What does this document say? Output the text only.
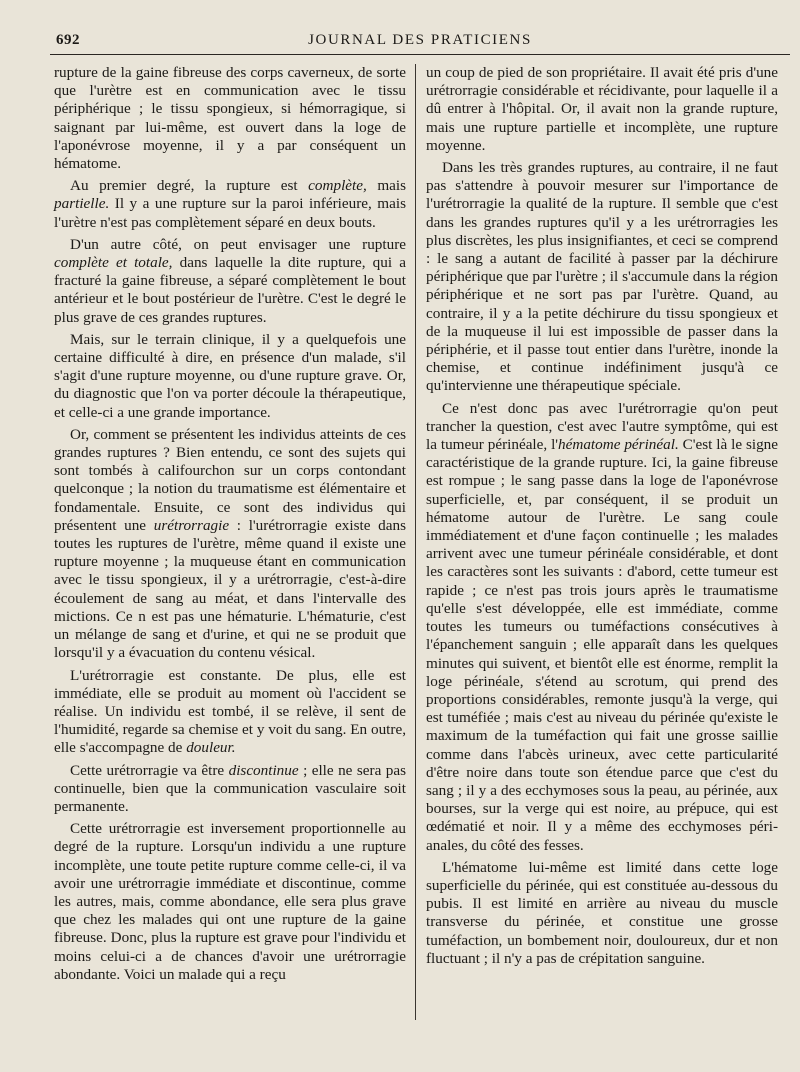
692	JOURNAL DES PRATICIENS

rupture de la gaine fibreuse des corps caverneux, de sorte que l'urètre est en communication avec le tissu périphérique ; le tissu spongieux, si hémorragique, si saignant par lui-même, est ouvert dans la loge de l'aponévrose moyenne, il y a par conséquent un hématome.

Au premier degré, la rupture est complète, mais partielle. Il y a une rupture sur la paroi inférieure, mais l'urètre n'est pas complètement séparé en deux bouts.

D'un autre côté, on peut envisager une rupture complète et totale, dans laquelle la dite rupture, qui a fracturé la gaine fibreuse, a séparé complètement le bout antérieur et le bout postérieur de l'urètre. C'est le degré le plus grave de ces grandes ruptures.

Mais, sur le terrain clinique, il y a quelquefois une certaine difficulté à dire, en présence d'un malade, s'il s'agit d'une rupture moyenne, ou d'une rupture grave. Or, du diagnostic que l'on va porter découle la thérapeutique, et celle-ci a une grande importance.

Or, comment se présentent les individus atteints de ces grandes ruptures ? Bien entendu, ce sont des sujets qui sont tombés à califourchon sur un corps contondant quelconque ; la notion du traumatisme est élémentaire et fondamentale. Ensuite, ce sont des individus qui présentent une urétrorragie : l'urétrorragie existe dans toutes les ruptures de l'urètre, même quand il existe une rupture moyenne ; la muqueuse étant en communication avec le tissu spongieux, il y a urétrorragie, c'est-à-dire écoulement de sang au méat, et dans l'intervalle des mictions. Ce n est pas une hématurie. L'hématurie, c'est un mélange de sang et d'urine, et qui ne se produit que lorsqu'il y a évacuation du contenu vésical.

L'urétrorragie est constante. De plus, elle est immédiate, elle se produit au moment où l'accident se réalise. Un individu est tombé, il se relève, il sent de l'humidité, regarde sa chemise et y voit du sang. En outre, elle s'accompagne de douleur.

Cette urétrorragie va être discontinue ; elle ne sera pas continuelle, bien que la communication vasculaire soit permanente.

Cette urétrorragie est inversement proportionnelle au degré de la rupture. Lorsqu'un individu a une rupture incomplète, une toute petite rupture comme celle-ci, il va avoir une urétrorragie immédiate et discontinue, comme les autres, mais, comme abondance, elle sera plus grave que chez les malades qui ont une rupture de la gaine fibreuse. Donc, plus la rupture est grave pour l'individu et moins celui-ci a de chances d'avoir une urétrorragie abondante. Voici un malade qui a reçu

un coup de pied de son propriétaire. Il avait été pris d'une urétrorragie considérable et récidivante, pour laquelle il a dû entrer à l'hôpital. Or, il avait non la grande rupture, mais une rupture partielle et incomplète, une rupture moyenne.

Dans les très grandes ruptures, au contraire, il ne faut pas s'attendre à pouvoir mesurer sur l'importance de l'urétrorragie la qualité de la rupture. Il semble que c'est dans les grandes ruptures qu'il y a les urétrorragies les plus discrètes, les plus insignifiantes, et ceci se comprend : le sang a autant de facilité à passer par la déchirure périphérique que par l'urètre ; il s'accumule dans la région périphérique et ne sort pas par l'urètre. Quand, au contraire, il y a la petite déchirure du tissu spongieux et de la muqueuse il lui est impossible de passer dans la périphérie, et il passe tout entier dans l'urètre, inonde la chemise, et continue indéfiniment jusqu'à ce qu'intervienne une thérapeutique spéciale.

Ce n'est donc pas avec l'urétrorragie qu'on peut trancher la question, c'est avec l'autre symptôme, qui est la tumeur périnéale, l'hématome périnéal. C'est là le signe caractéristique de la grande rupture. Ici, la gaine fibreuse est rompue ; le sang passe dans la loge de l'aponévrose superficielle, et, par conséquent, il se produit un hématome autour de l'urètre. Le sang coule immédiatement et d'une façon continuelle ; les malades arrivent avec une tumeur périnéale considérable, et dont les caractères sont les suivants : d'abord, cette tumeur est rapide ; ce n'est pas trois jours après le traumatisme qu'elle s'est développée, elle est immédiate, comme toutes les tumeurs ou tuméfactions consécutives à l'épanchement sanguin ; elle apparaît dans les quelques minutes qui suivent, et bientôt elle est énorme, remplit la loge périnéale, s'étend au scrotum, qui prend des proportions considérables, remonte jusqu'à la verge, qui est tuméfiée ; mais c'est au niveau du périnée qu'existe le maximum de la tuméfaction qui fait une grosse saillie comme dans l'abcès urineux, avec cette particularité d'être noire dans toute son étendue parce que c'est du sang ; il y a des ecchymoses sous la peau, au périnée, aux bourses, sur la verge qui est noire, au prépuce, qui est œdématié et noir. Il y a même des ecchymoses péri-anales, du côté des fesses.

L'hématome lui-même est limité dans cette loge superficielle du périnée, qui est constituée au-dessous du pubis. Il est limité en arrière au niveau du muscle transverse du périnée, et constitue une grosse tuméfaction, un bombement noir, douloureux, dur et non fluctuant ; il n'y a pas de crépitation sanguine.
